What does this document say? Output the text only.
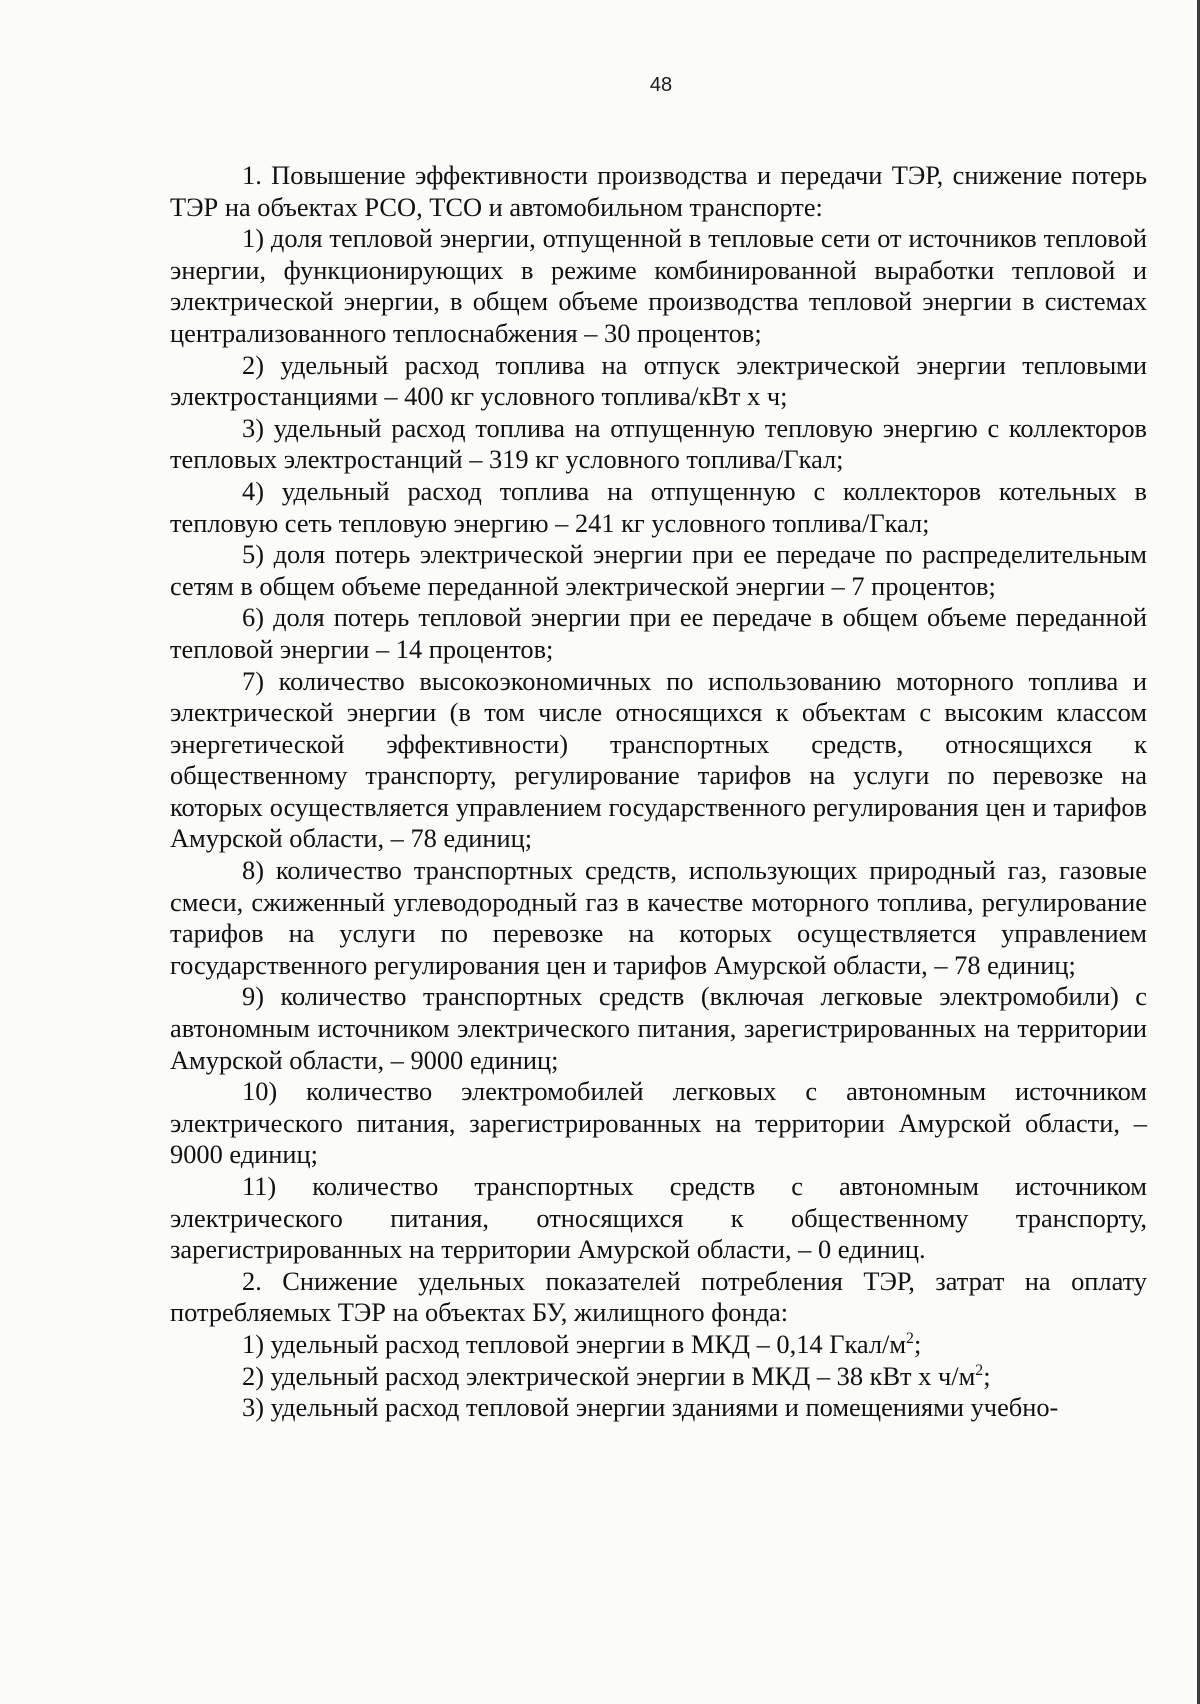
48

1. Повышение эффективности производства и передачи ТЭР, снижение потерь ТЭР на объектах РСО, ТСО и автомобильном транспорте:

1) доля тепловой энергии, отпущенной в тепловые сети от источников тепловой энергии, функционирующих в режиме комбинированной выработки тепловой и электрической энергии, в общем объеме производства тепловой энергии в системах централизованного теплоснабжения – 30 процентов;

2) удельный расход топлива на отпуск электрической энергии тепловыми электростанциями – 400 кг условного топлива/кВт х ч;

3) удельный расход топлива на отпущенную тепловую энергию с коллекторов тепловых электростанций – 319 кг условного топлива/Гкал;

4) удельный расход топлива на отпущенную с коллекторов котельных в тепловую сеть тепловую энергию – 241 кг условного топлива/Гкал;

5) доля потерь электрической энергии при ее передаче по распределительным сетям в общем объеме переданной электрической энергии – 7 процентов;

6) доля потерь тепловой энергии при ее передаче в общем объеме переданной тепловой энергии – 14 процентов;

7) количество высокоэкономичных по использованию моторного топлива и электрической энергии (в том числе относящихся к объектам с высоким классом энергетической эффективности) транспортных средств, относящихся к общественному транспорту, регулирование тарифов на услуги по перевозке на которых осуществляется управлением государственного регулирования цен и тарифов Амурской области, – 78 единиц;

8) количество транспортных средств, использующих природный газ, газовые смеси, сжиженный углеводородный газ в качестве моторного топлива, регулирование тарифов на услуги по перевозке на которых осуществляется управлением государственного регулирования цен и тарифов Амурской области, – 78 единиц;

9) количество транспортных средств (включая легковые электромобили) с автономным источником электрического питания, зарегистрированных на территории Амурской области, – 9000 единиц;

10) количество электромобилей легковых с автономным источником электрического питания, зарегистрированных на территории Амурской области, – 9000 единиц;

11) количество транспортных средств с автономным источником электрического питания, относящихся к общественному транспорту, зарегистрированных на территории Амурской области, – 0 единиц.

2. Снижение удельных показателей потребления ТЭР, затрат на оплату потребляемых ТЭР на объектах БУ, жилищного фонда:

1) удельный расход тепловой энергии в МКД – 0,14 Гкал/$м^2$;

2) удельный расход электрической энергии в МКД – 38 кВт х $ч/м^2$;

3) удельный расход тепловой энергии зданиями и помещениями учебно-
